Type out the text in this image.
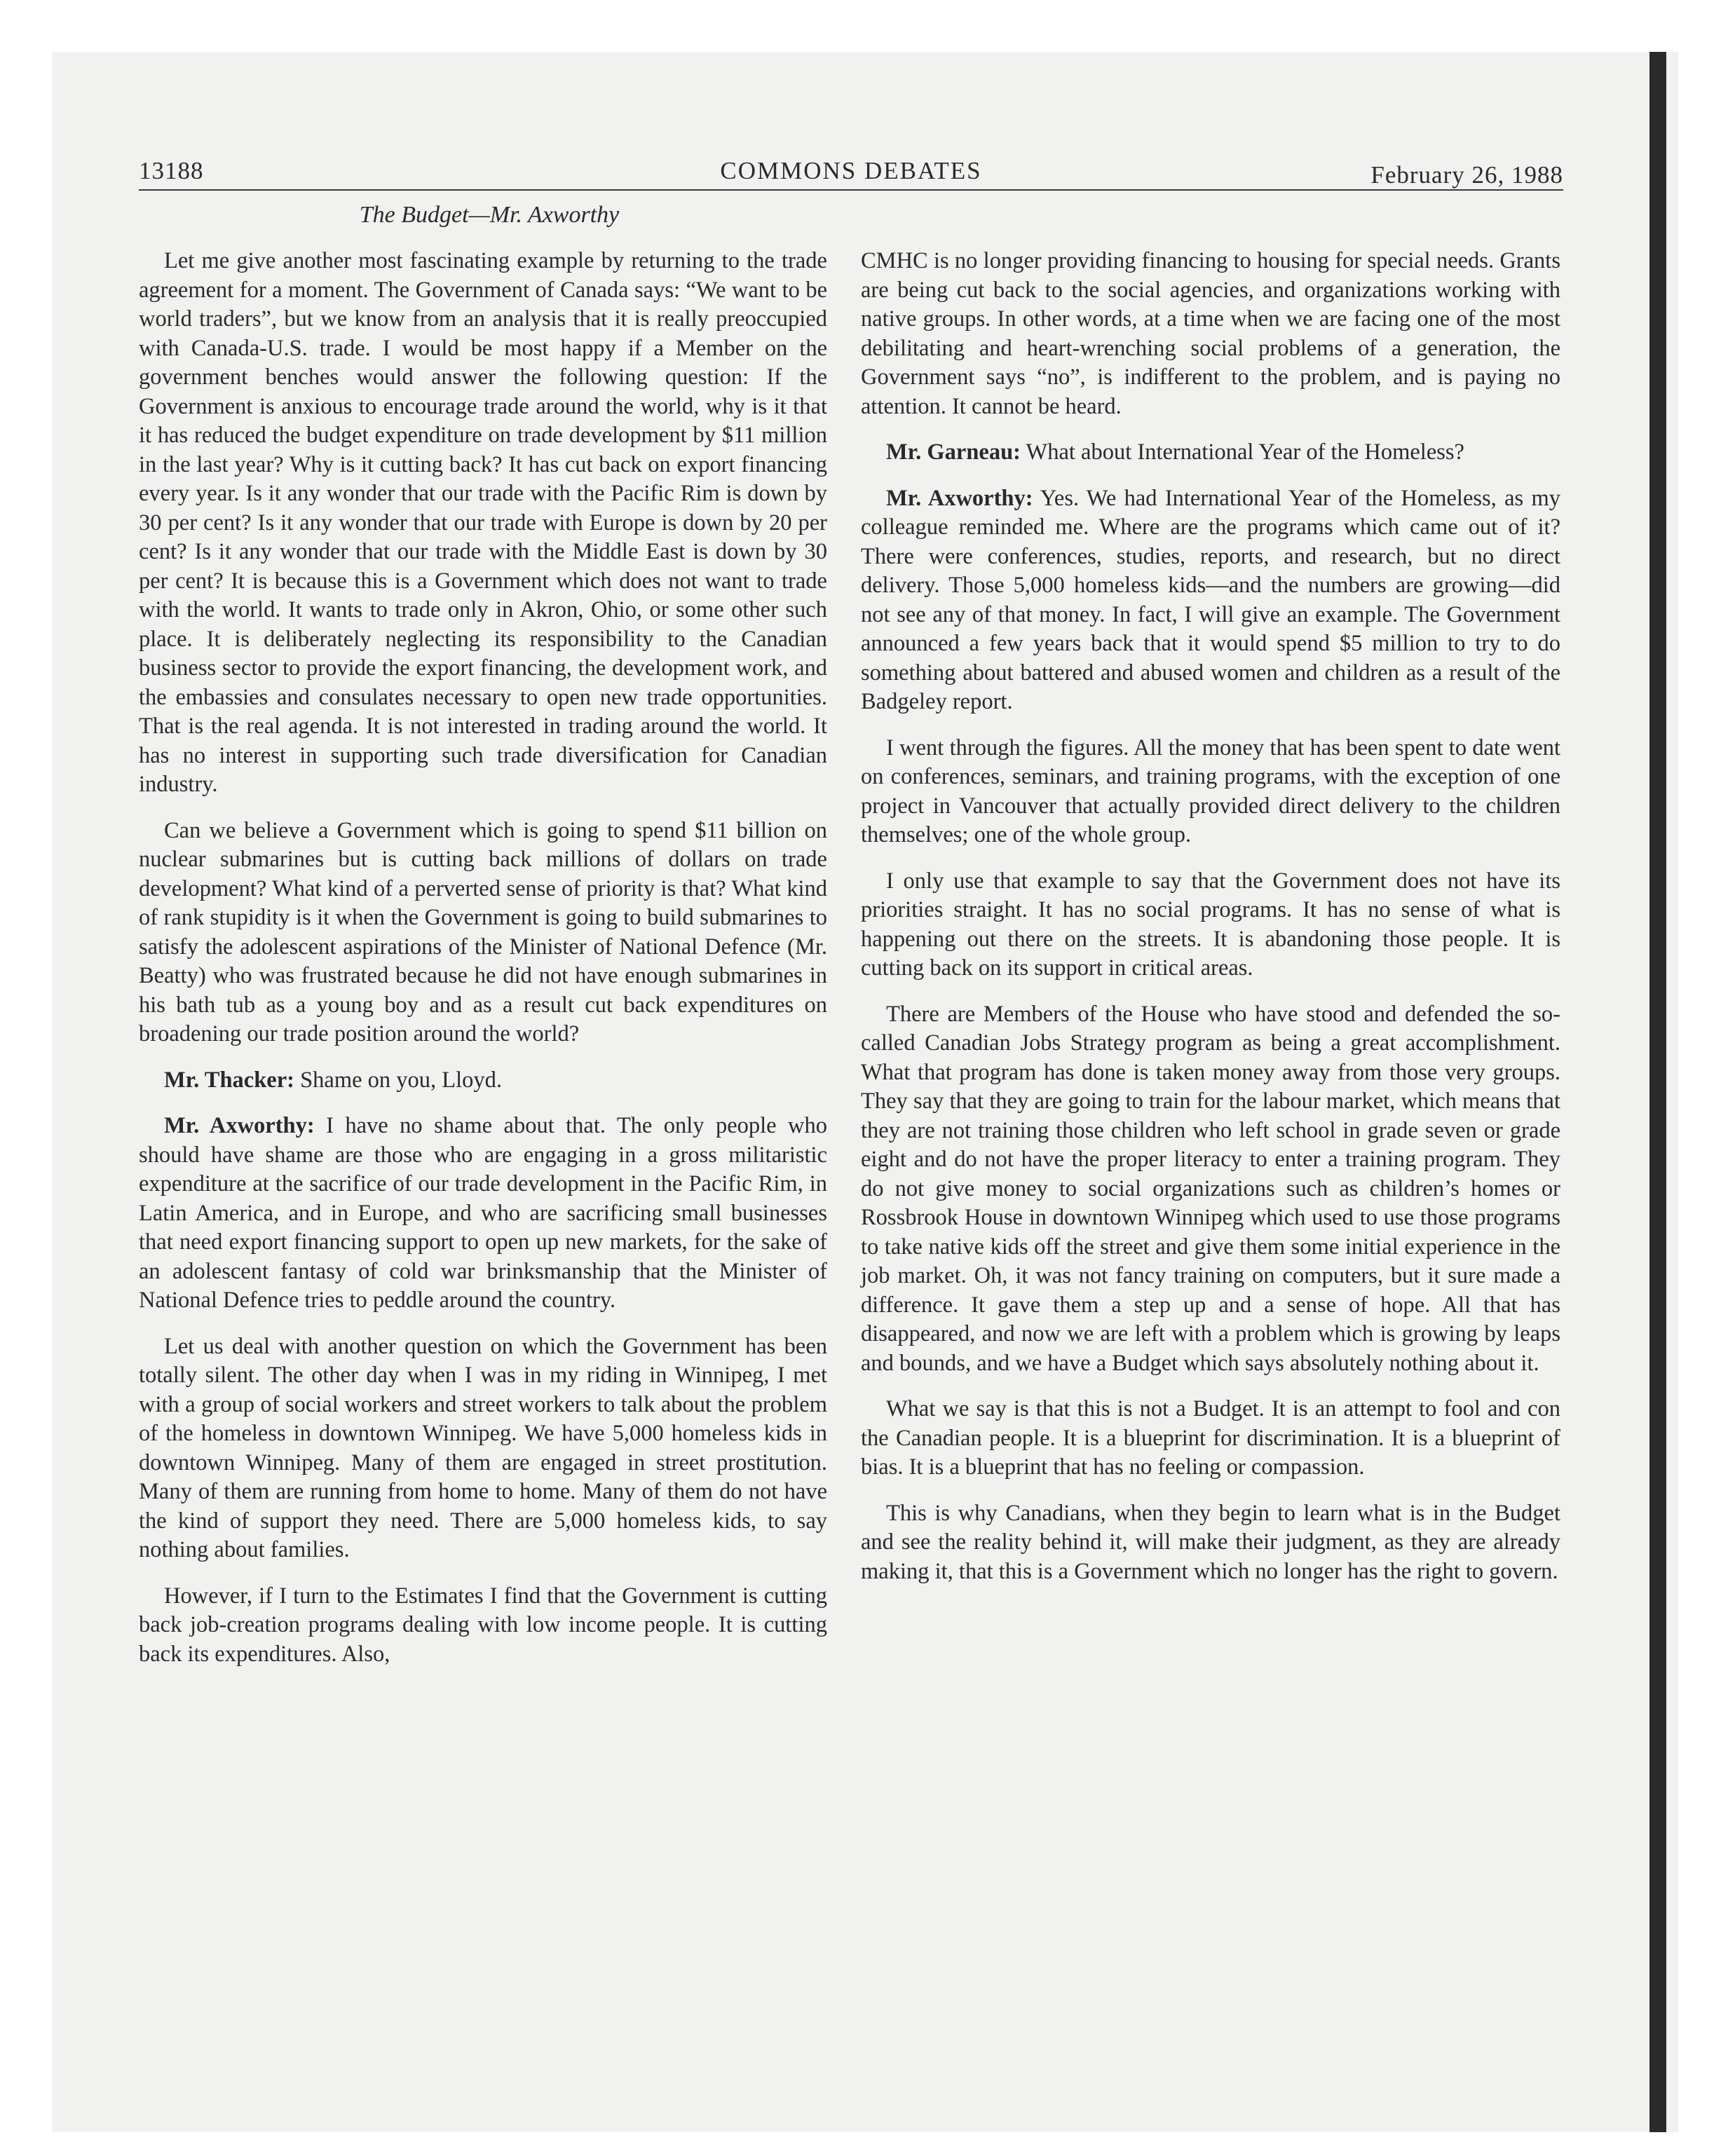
13188	COMMONS DEBATES	February 26, 1988
The Budget—Mr. Axworthy

Let me give another most fascinating example by returning to the trade agreement for a moment. The Government of Canada says: “We want to be world traders”, but we know from an analysis that it is really preoccupied with Canada-U.S. trade. I would be most happy if a Member on the government benches would answer the following question: If the Government is anxious to encourage trade around the world, why is it that it has reduced the budget expenditure on trade development by $11 million in the last year? Why is it cutting back? It has cut back on export financing every year. Is it any wonder that our trade with the Pacific Rim is down by 30 per cent? Is it any wonder that our trade with Europe is down by 20 per cent? Is it any wonder that our trade with the Middle East is down by 30 per cent? It is because this is a Government which does not want to trade with the world. It wants to trade only in Akron, Ohio, or some other such place. It is deliberately neglecting its responsibility to the Canadian business sector to provide the export financing, the development work, and the embassies and consulates necessary to open new trade opportunities. That is the real agenda. It is not interested in trading around the world. It has no interest in supporting such trade diversification for Canadian industry.

Can we believe a Government which is going to spend $11 billion on nuclear submarines but is cutting back millions of dollars on trade development? What kind of a perverted sense of priority is that? What kind of rank stupidity is it when the Government is going to build submarines to satisfy the adolescent aspirations of the Minister of National Defence (Mr. Beatty) who was frustrated because he did not have enough submarines in his bath tub as a young boy and as a result cut back expenditures on broadening our trade position around the world?

Mr. Thacker: Shame on you, Lloyd.

Mr. Axworthy: I have no shame about that. The only people who should have shame are those who are engaging in a gross militaristic expenditure at the sacrifice of our trade development in the Pacific Rim, in Latin America, and in Europe, and who are sacrificing small businesses that need export financing support to open up new markets, for the sake of an adolescent fantasy of cold war brinksmanship that the Minister of National Defence tries to peddle around the country.

Let us deal with another question on which the Government has been totally silent. The other day when I was in my riding in Winnipeg, I met with a group of social workers and street workers to talk about the problem of the homeless in downtown Winnipeg. We have 5,000 homeless kids in downtown Winnipeg. Many of them are engaged in street prostitution. Many of them are running from home to home. Many of them do not have the kind of support they need. There are 5,000 homeless kids, to say nothing about families.

However, if I turn to the Estimates I find that the Government is cutting back job-creation programs dealing with low income people. It is cutting back its expenditures. Also,

CMHC is no longer providing financing to housing for special needs. Grants are being cut back to the social agencies, and organizations working with native groups. In other words, at a time when we are facing one of the most debilitating and heart-wrenching social problems of a generation, the Government says “no”, is indifferent to the problem, and is paying no attention. It cannot be heard.

Mr. Garneau: What about International Year of the Homeless?

Mr. Axworthy: Yes. We had International Year of the Homeless, as my colleague reminded me. Where are the programs which came out of it? There were conferences, studies, reports, and research, but no direct delivery. Those 5,000 homeless kids—and the numbers are growing—did not see any of that money. In fact, I will give an example. The Government announced a few years back that it would spend $5 million to try to do something about battered and abused women and children as a result of the Badgeley report.

I went through the figures. All the money that has been spent to date went on conferences, seminars, and training programs, with the exception of one project in Vancouver that actually provided direct delivery to the children themselves; one of the whole group.

I only use that example to say that the Government does not have its priorities straight. It has no social programs. It has no sense of what is happening out there on the streets. It is abandoning those people. It is cutting back on its support in critical areas.

There are Members of the House who have stood and defended the so-called Canadian Jobs Strategy program as being a great accomplishment. What that program has done is taken money away from those very groups. They say that they are going to train for the labour market, which means that they are not training those children who left school in grade seven or grade eight and do not have the proper literacy to enter a training program. They do not give money to social organizations such as children’s homes or Rossbrook House in downtown Winnipeg which used to use those programs to take native kids off the street and give them some initial experience in the job market. Oh, it was not fancy training on computers, but it sure made a difference. It gave them a step up and a sense of hope. All that has disappeared, and now we are left with a problem which is growing by leaps and bounds, and we have a Budget which says absolutely nothing about it.

What we say is that this is not a Budget. It is an attempt to fool and con the Canadian people. It is a blueprint for discrimination. It is a blueprint of bias. It is a blueprint that has no feeling or compassion.

This is why Canadians, when they begin to learn what is in the Budget and see the reality behind it, will make their judgment, as they are already making it, that this is a Government which no longer has the right to govern.
